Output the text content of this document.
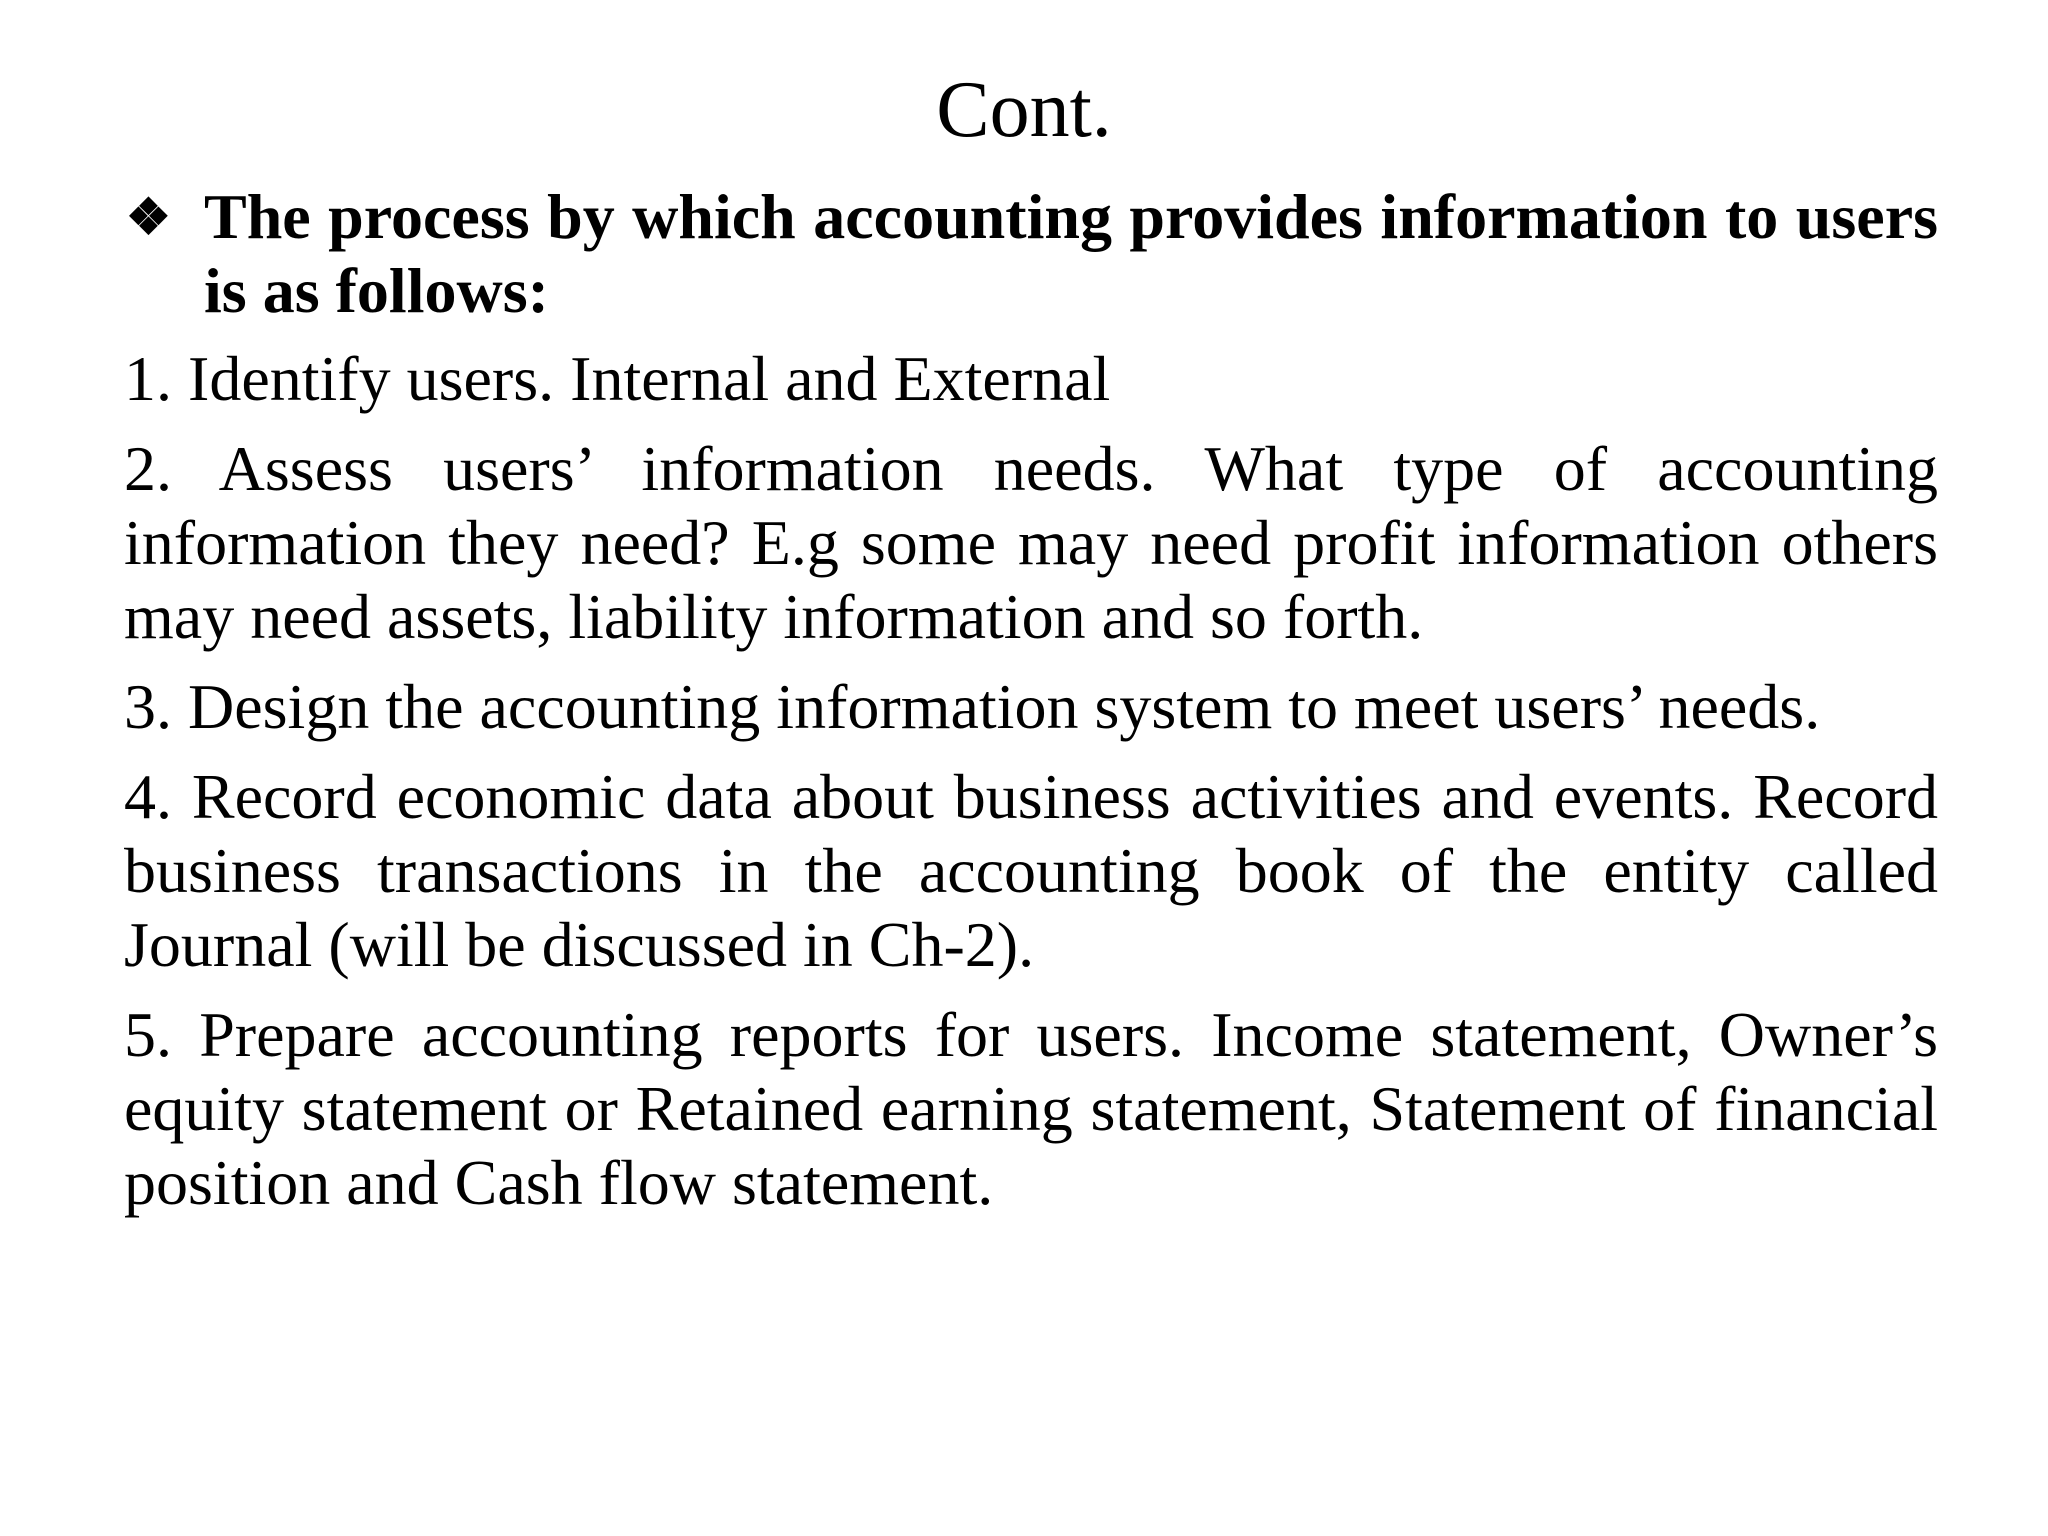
Cont.
❖ The process by which accounting provides information to users is as follows:
1. Identify users. Internal and External
2. Assess users’ information needs. What type of accounting information they need? E.g some may need profit information others may need assets, liability information and so forth.
3. Design the accounting information system to meet users’ needs.
4. Record economic data about business activities and events. Record business transactions in the accounting book of the entity called Journal (will be discussed in Ch-2).
5. Prepare accounting reports for users. Income statement, Owner’s equity statement or Retained earning statement, Statement of financial position and Cash flow statement.
